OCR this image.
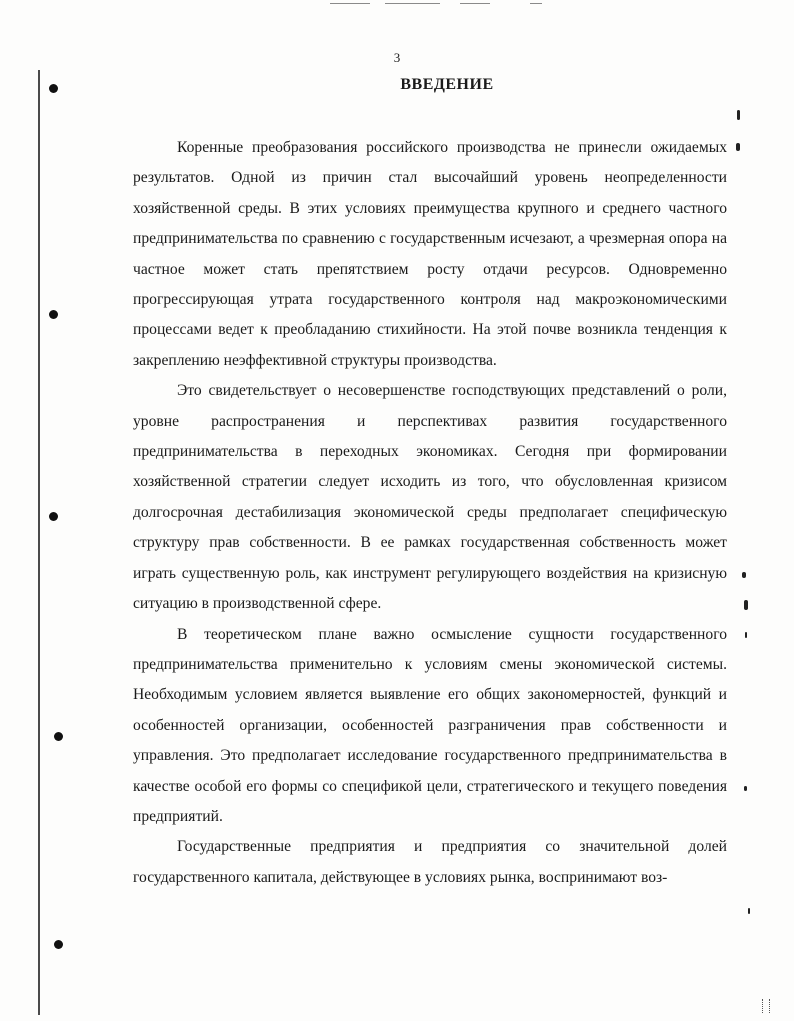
3
ВВЕДЕНИЕ

Коренные преобразования российского производства не принесли ожидаемых результатов. Одной из причин стал высочайший уровень неопределенности хозяйственной среды. В этих условиях преимущества крупного и среднего частного предпринимательства по сравнению с государственным исчезают, а чрезмерная опора на частное может стать препятствием росту отдачи ресурсов. Одновременно прогрессирующая утрата государственного контроля над макроэкономическими процессами ведет к преобладанию стихийности. На этой почве возникла тенденция к закреплению неэффективной структуры производства.

Это свидетельствует о несовершенстве господствующих представлений о роли, уровне распространения и перспективах развития государственного предпринимательства в переходных экономиках. Сегодня при формировании хозяйственной стратегии следует исходить из того, что обусловленная кризисом долгосрочная дестабилизация экономической среды предполагает специфическую структуру прав собственности. В ее рамках государственная собственность может играть существенную роль, как инструмент регулирующего воздействия на кризисную ситуацию в производственной сфере.

В теоретическом плане важно осмысление сущности государственного предпринимательства применительно к условиям смены экономической системы. Необходимым условием является выявление его общих закономерностей, функций и особенностей организации, особенностей разграничения прав собственности и управления. Это предполагает исследование государственного предпринимательства в качестве особой его формы со спецификой цели, стратегического и текущего поведения предприятий.

Государственные предприятия и предприятия со значительной долей государственного капитала, действующее в условиях рынка, воспринимают воз-
